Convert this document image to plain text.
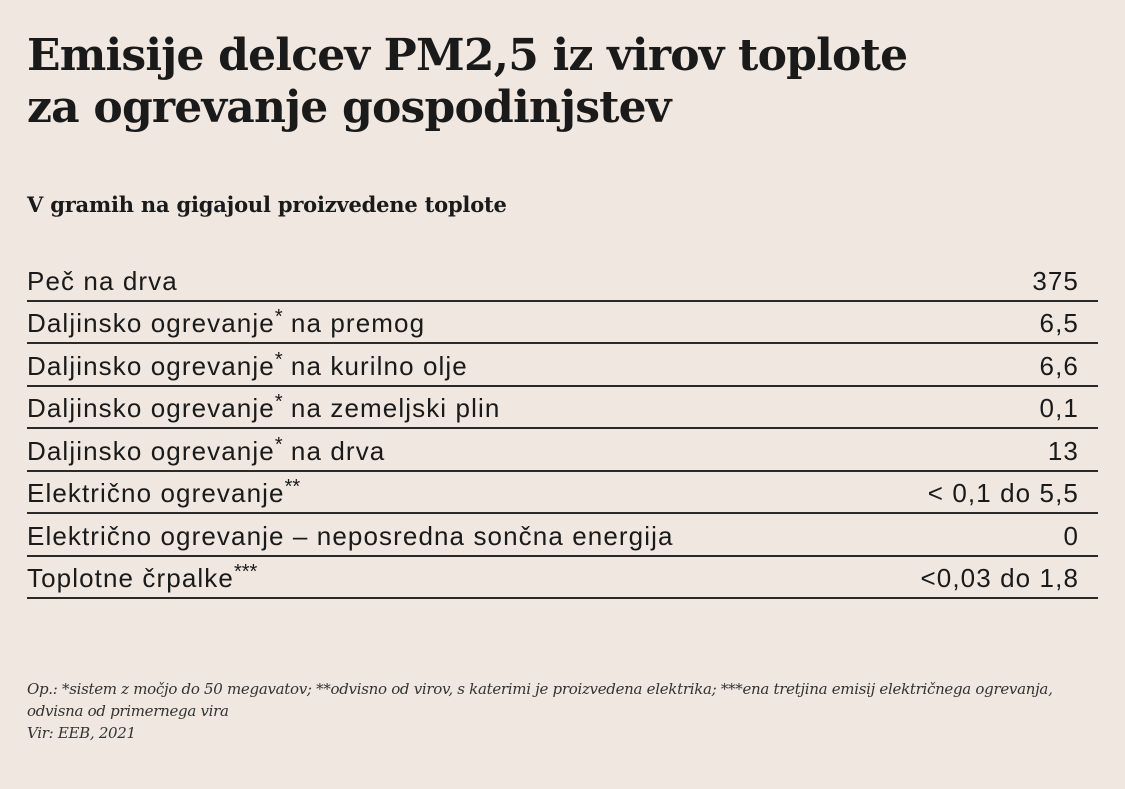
Emisije delcev PM2,5 iz virov toplote
za ogrevanje gospodinjstev
V gramih na gigajoul proizvedene toplote
Peč na drva	375
Daljinsko ogrevanje* na premog	6,5
Daljinsko ogrevanje* na kurilno olje	6,6
Daljinsko ogrevanje* na zemeljski plin	0,1
Daljinsko ogrevanje* na drva	13
Električno ogrevanje**	< 0,1 do 5,5
Električno ogrevanje – neposredna sončna energija	0
Toplotne črpalke***	<0,03 do 1,8

Op.: *sistem z močjo do 50 megavatov; **odvisno od virov, s katerimi je proizvedena elektrika; ***ena tretjina emisij električnega ogrevanja, odvisna od primernega vira

Vir: EEB, 2021
